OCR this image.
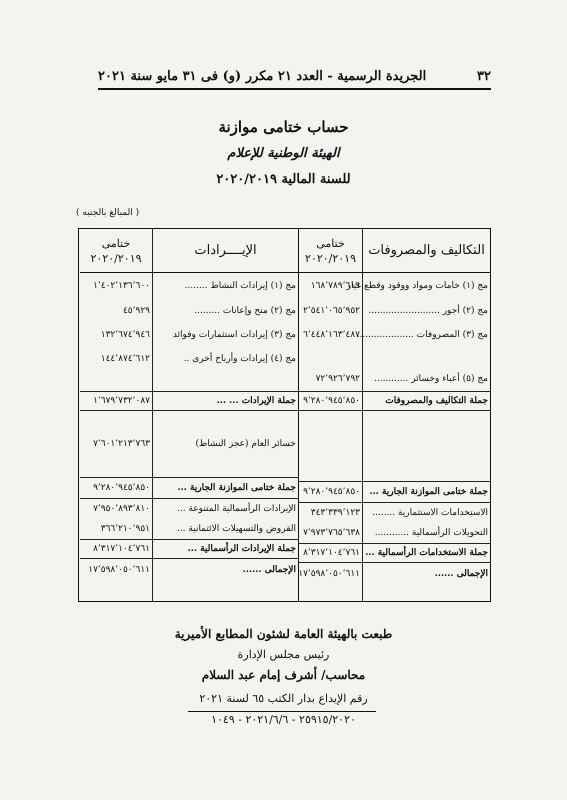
٣٢
الجريدة الرسمية - العدد ٢١ مكرر (و) فى ٣١ مايو سنة ٢٠٢١
حساب ختامى موازنة
الهيئة الوطنية للإعلام
للسنة المالية ٢٠٢٠/٢٠١٩
( المبالغ بالجنيه )
التكاليف والمصروفات
مج (١) خامات ومواد ووقود وقطع غيار
مج (٢) أجور .........................
مج (٣) المصروفات ....................
مج (٥) أعباء وخسائر ............
جملة التكاليف والمصروفات
جملة ختامى الموازنة الجارية ...
الاستخدامات الاستثمارية ........
التحويلات الرأسمالية ............
جملة الاستخدامات الرأسمالية ...
الإجمالى ......
ختامى
٢٠٢٠/٢٠١٩
١٦٨٬٧٨٩٬٦١٩
٢٬٥٤١٬٠٦٥٬٩٥٢
٦٬٤٤٨٬١٦٣٬٤٨٧
٧٢٬٩٢٦٬٧٩٢
٩٬٢٨٠٬٩٤٥٬٨٥٠
٩٬٢٨٠٬٩٤٥٬٨٥٠
٣٤٣٬٣٣٩٬١٢٣
٧٬٩٧٣٬٧٦٥٬٦٣٨
٨٬٣١٧٬١٠٤٬٧٦١
١٧٬٥٩٨٬٠٥٠٬٦١١
الإيــــرادات
مج (١) إيرادات النشاط ........
مج (٢) منح وإعانات .........
مج (٣) إيرادات استثمارات وفوائد
مج (٤) إيرادات وأرباح أخرى ..
جملة الإيرادات ... ...
خسائر العام (عجز النشاط)
جملة ختامى الموازنة الجارية ...
الإيرادات الرأسمالية المتنوعة ...
القروض والتسهيلات الائتمانية ...
جملة الإيرادات الرأسمالية ...
الإجمالى ......
ختامى
٢٠٢٠/٢٠١٩
١٬٤٠٢٬١٣٦٬٦٠٠
٤٥٬٩٢٩
١٣٢٬٦٧٤٬٩٤٦
١٤٤٬٨٧٤٬٦١٢
١٬٦٧٩٬٧٣٢٬٠٨٧
٧٬٦٠١٬٢١٣٬٧٦٣
٩٬٢٨٠٬٩٤٥٬٨٥٠
٧٬٩٥٠٬٨٩٣٬٨١٠
٣٦٦٬٢١٠٬٩٥١
٨٬٣١٧٬١٠٤٬٧٦١
١٧٬٥٩٨٬٠٥٠٬٦١١
طبعت بالهيئة العامة لشئون المطابع الأميرية
رئيس مجلس الإدارة
محاسب/ أشرف إمام عبد السلام
رقم الإيداع بدار الكتب ٦٥ لسنة ٢٠٢١
٢٥٩١٥/٢٠٢٠ - ٢٠٢١/٦/٦ - ١٠٤٩
